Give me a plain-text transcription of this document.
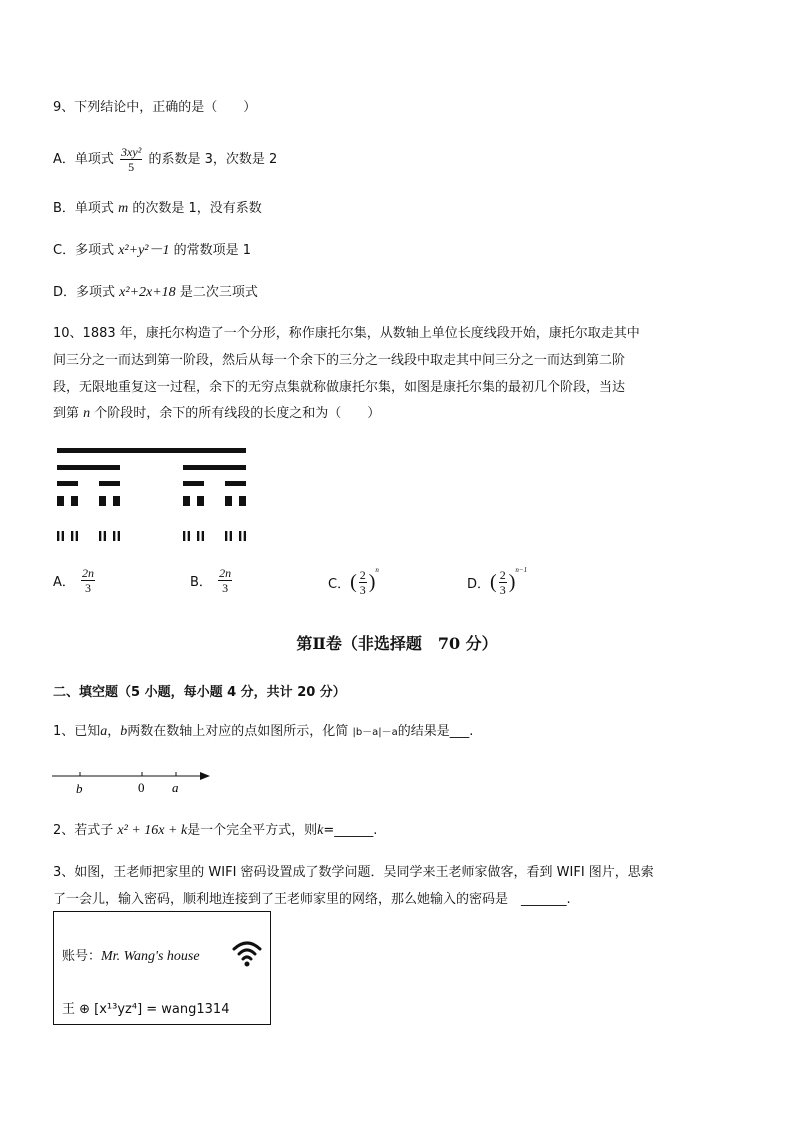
9、下列结论中，正确的是（　　）
A．单项式 $\frac{\text{3xy²}}{5}$ 的系数是 3，次数是 2
B．单项式 m 的次数是 1，没有系数
C．多项式 x²+y²－1 的常数项是 1
D．多项式 x²+2x+18 是二次三项式
10、1883 年，康托尔构造了一个分形，称作康托尔集，从数轴上单位长度线段开始，康托尔取走其中
间三分之一而达到第一阶段，然后从每一个余下的三分之一线段中取走其中间三分之一而达到第二阶
段，无限地重复这一过程，余下的无穷点集就称做康托尔集，如图是康托尔集的最初几个阶段，当达
到第 n 个阶段时，余下的所有线段的长度之和为（　　）
A． $\frac{2n}{3}$	B． $\frac{2n}{3}$	C．( $\frac{2}{3} )^n$
D．( $\frac{2}{3} )^{n-1}$
第Ⅱ卷（非选择题　70 分）
二、填空题（5 小题，每小题 4 分，共计 20 分）
1、已知a，b两数在数轴上对应的点如图所示，化简 |b－a|－a的结果是___.
b	0 a
2、若式子 x² + 16x + k是一个完全平方式，则k=______.
3、如图，王老师把家里的 WIFI 密码设置成了数学问题．吴同学来王老师家做客，看到 WIFI 图片，思索
了一会儿，输入密码，顺利地连接到了王老师家里的网络，那么她输入的密码是　_______.
账号：Mr. Wang's house
王 ⊕ [x¹³yz⁴] = wang1314
